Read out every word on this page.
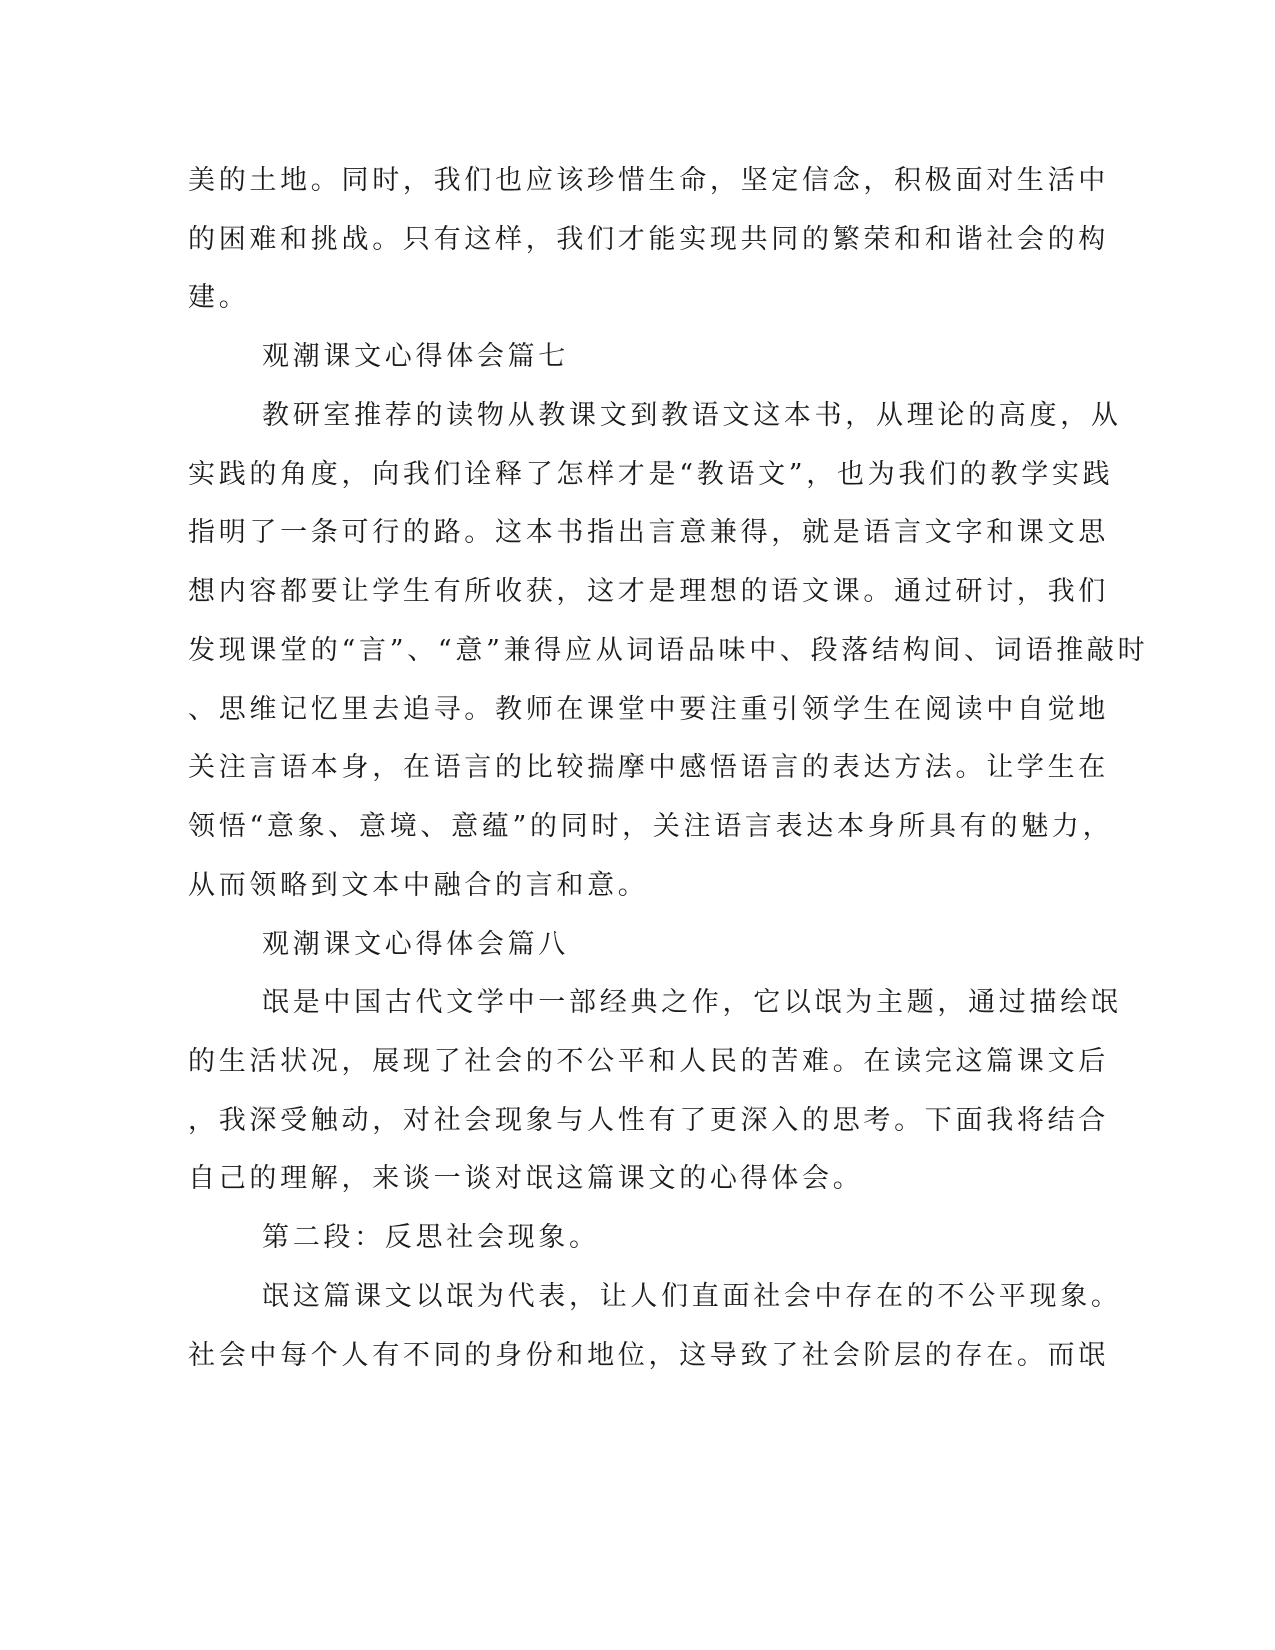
美的土地。同时，我们也应该珍惜生命，坚定信念，积极面对生活中

的困难和挑战。只有这样，我们才能实现共同的繁荣和和谐社会的构

建。

观潮课文心得体会篇七

教研室推荐的读物从教课文到教语文这本书，从理论的高度，从

实践的角度，向我们诠释了怎样才是“教语文”，也为我们的教学实践

指明了一条可行的路。这本书指出言意兼得，就是语言文字和课文思

想内容都要让学生有所收获，这才是理想的语文课。通过研讨，我们

发现课堂的“言”、“意”兼得应从词语品味中、段落结构间、词语推敲时

、思维记忆里去追寻。教师在课堂中要注重引领学生在阅读中自觉地

关注言语本身，在语言的比较揣摩中感悟语言的表达方法。让学生在

领悟“意象、意境、意蕴”的同时，关注语言表达本身所具有的魅力，

从而领略到文本中融合的言和意。

观潮课文心得体会篇八

氓是中国古代文学中一部经典之作，它以氓为主题，通过描绘氓

的生活状况，展现了社会的不公平和人民的苦难。在读完这篇课文后

，我深受触动，对社会现象与人性有了更深入的思考。下面我将结合

自己的理解，来谈一谈对氓这篇课文的心得体会。

第二段：反思社会现象。

氓这篇课文以氓为代表，让人们直面社会中存在的不公平现象。

社会中每个人有不同的身份和地位，这导致了社会阶层的存在。而氓
